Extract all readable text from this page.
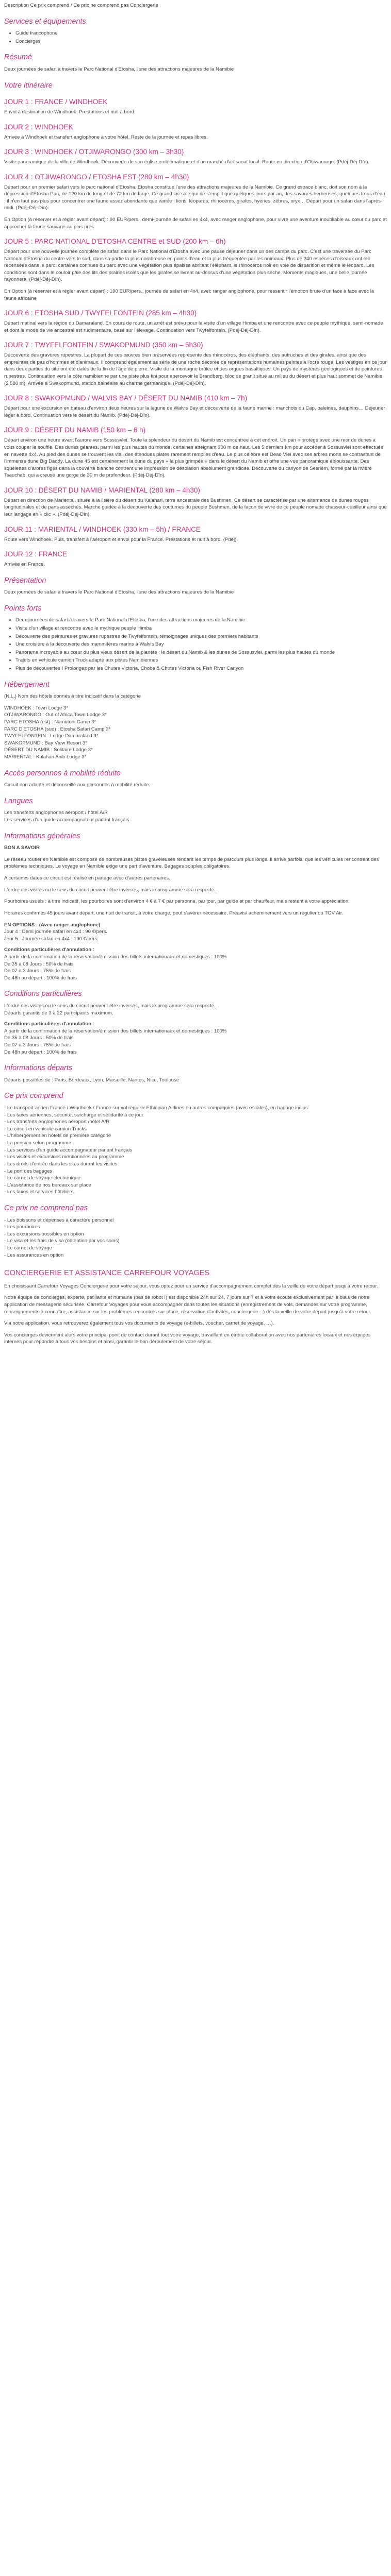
Description Ce prix comprend / Ce prix ne comprend pas Conciergerie

Services et équipements
• Guide francophone
• Concierges
Résumé

Deux journées de safari à travers le Parc National d'Etosha, l'une des attractions majeures de la Namibie

Votre itinéraire
JOUR 1 : FRANCE / WINDHOEK

Envol à destination de Windhoek. Prestations et nuit à bord.

JOUR 2 : WINDHOEK

Arrivée à Windhoek et transfert anglophone à votre hôtel. Reste de la journée et repas libres.

JOUR 3 : WINDHOEK / OTJIWARONGO (300 km – 3h30)

Visite panoramique de la ville de Windhoek. Découverte de son église emblématique et d'un marché d'artisanat local. Route en direction d'Otjiwarongo. (Pdéj-Déj-Dîn).

JOUR 4 : OTJIWARONGO / ETOSHA EST (280 km – 4h30)

Départ pour un premier safari vers le parc national d'Etosha. Etosha constitue l'une des attractions majeures de la Namibie. Ce grand espace blanc, doit son nom à la dépression d'Etosha Pan, de 120 km de long et de 72 km de large. Ce grand lac salé qui ne s'emplit que quelques jours par an, des savanes herbeuses, quelques trous d'eau : il n'en faut pas plus pour concentrer une faune assez abondante que variée : lions, léopards, rhinocéros, girafes, hyènes, zèbres, oryx… Départ pour un safari dans l'après-midi. (Pdéj-Déj-Dîn).

En Option (à réserver et à régler avant départ) : 90 EUR/pers., demi-journée de safari en 4x4, avec ranger anglophone, pour vivre une aventure inoubliable au cœur du parc et approcher la faune sauvage au plus près.

JOUR 5 : PARC NATIONAL D'ETOSHA CENTRE et SUD (200 km – 6h)

Départ pour une nouvelle journée complète de safari dans le Parc National d'Etosha avec une pause déjeuner dans un des camps du parc. C'est une traversée du Parc National d'Etosha du centre vers le sud, dans sa partie la plus nombreuse en points d'eau et la plus fréquentée par les animaux. Plus de 340 espèces d'oiseaux ont été recensées dans le parc, certaines connues du parc avec une végétation plus épaisse abritant l'éléphant, le rhinocéros noir en voie de disparition et même le léopard. Les conditions sont dans le couloir pâle des lits des prairies isolés que les girafes se livrent au-dessus d'une végétation plus sèche. Moments magiques, une belle journée rayonnera. (Pdéj-Déj-Dîn).

En Option (à réserver et à régler avant départ) : 190 EUR/pers., journée de safari en 4x4, avec ranger anglophone, pour ressentir l'émotion brute d'un face à face avec la faune africaine

JOUR 6 : ETOSHA SUD / TWYFELFONTEIN (285 km – 4h30)

Départ matinal vers la région du Damaraland. En cours de route, un arrêt est prévu pour la visite d'un village Himba et une rencontre avec ce peuple mythique, semi-nomade et dont le mode de vie ancestral est rudimentaire, basé sur l'élevage. Continuation vers Twyfelfontein. (Pdéj-Déj-Dîn).

JOUR 7 : TWYFELFONTEIN / SWAKOPMUND (350 km – 5h30)

Découverte des gravures rupestres. La plupart de ces œuvres bien préservées représente des rhinocéros, des éléphants, des autruches et des girafes, ainsi que des empreintes de pas d'hommes et d'animaux. Il comprend également sa série de une roche décorée de représentations humaines peintes à l'ocre rouge. Les vestiges en ce jour dans deux parties du site ont été datés de la fin de l'âge de pierre. Visite de la montagne brûlée et des orgues basaltiques. Un pays de mystères géologiques et de peintures rupestres. Continuation vers la côte namibienne par une piste plus fini pour apercevoir le Brandberg, bloc de granit situé au milieu du désert et plus haut sommet de Namibie (2 580 m). Arrivée à Swakopmund, station balnéaire au charme germanique. (Pdéj-Déj-Dîn).

JOUR 8 : SWAKOPMUND / WALVIS BAY / DÉSERT DU NAMIB (410 km – 7h)

Départ pour une excursion en bateau d'environ deux heures sur la lagune de Walvis Bay et découverte de la faune marine : manchots du Cap, baleines, dauphins… Déjeuner léger à bord. Continuation vers le désert du Namib. (Pdéj-Déj-Dîn).

JOUR 9 : DÉSERT DU NAMIB (150 km – 6 h)

Départ environ une heure avant l'aurore vers Sossusvlei. Toute la splendeur du désert du Namib est concentrée à cet endroit. Un pan « protégé avec une mer de dunes à vous couper le souffle. Des dunes géantes, parmi les plus hautes du monde, certaines atteignant 300 m de haut. Les 5 derniers km pour accéder à Sossusvlei sont effectués en navette 4x4. Au pied des dunes se trouvent les vlei, des étendues plates rarement remplies d'eau. Le plus célèbre est Dead Vlei avec ses arbres morts se contrastant de l'immense dune Big Daddy. La dune 45 est certainement la dune du pays « la plus grimpée » dans le désert du Namib et offre une vue panoramique éblouissante. Des squelettes d'arbres figés dans la couverte blanche contrent une impression de désolation absolument grandiose. Découverte du canyon de Sesriem, formé par la rivière Tsauchab, qui a creusé une gorge de 30 m de profondeur. (Pdéj-Déj-Dîn).

JOUR 10 : DÉSERT DU NAMIB / MARIENTAL (280 km – 4h30)

Départ en direction de Mariental, située à la lisière du désert du Kalahari, terre ancestrale des Bushmen. Ce désert se caractérise par une alternance de dunes rouges longitudinales et de pans asséchés. Marche guidée à la découverte des coutumes du peuple Bushmen, de la façon de vivre de ce peuple nomade chasseur-cueilleur ainsi que leur langage en « clic ». (Pdéj-Déj-Dîn).

JOUR 11 : MARIENTAL / WINDHOEK (330 km – 5h) / FRANCE

Route vers Windhoek. Puis, transfert à l'aéroport et envol pour la France. Prestations et nuit à bord. (Pdéj).

JOUR 12 : FRANCE

Arrivée en France.

Présentation

Deux journées de safari à travers le Parc National d'Etosha, l'une des attractions majeures de la Namibie

Points forts
• Deux journées de safari à travers le Parc National d'Etosha, l'une des attractions majeures de la Namibie
• Visite d'un village et rencontre avec le mythique peuple Himba
• Découverte des peintures et gravures rupestres de Twyfelfontein, témoignages uniques des premiers habitants
• Une croisière à la découverte des mammifères marins à Walvis Bay
• Panorama incroyable au cœur du plus vieux désert de la planète : le désert du Namib & les dunes de Sossusvlei, parmi les plus hautes du monde
• Trajets en véhicule camion Truck adapté aux pistes Namibiennes
• Plus de découvertes ! Prolongez par les Chutes Victoria, Chobe & Chutes Victoria ou Fish River Canyon
Hébergement

(N.L.) Nom des hôtels donnés à titre indicatif dans la catégorie

WINDHOEK : Town Lodge 3*

OTJIWARONGO : Out of Africa Town Lodge 3*

PARC ETOSHA (est) : Namutoni Camp 3*

PARC D'ETOSHA (sud) : Etosha Safari Camp 3*

TWYFELFONTEIN : Lodge Damaraland 3*

SWAKOPMUND : Bay View Resort 3*

DÉSERT DU NAMIB : Solitaire Lodge 3*

MARIENTAL : Kalahari Anib Lodge 3*

Accès personnes à mobilité réduite

Circuit non adapté et déconseillé aux personnes à mobilité réduite.

Langues

Les transferts anglophones aéroport / hôtel A/R

Les services d'un guide accompagnateur parlant français

Informations générales

BON A SAVOIR

Le réseau routier en Namibie est composé de nombreuses pistes graveleuses rendant les temps de parcours plus longs. Il arrive parfois, que les véhicules rencontrent des problèmes techniques. Le voyage en Namibie exige une part d'aventure. Bagages souples obligatoires.

A certaines dates ce circuit est réalisé en partage avec d'autres partenaires.

L'ordre des visites ou le sens du circuit peuvent être inversés, mais le programme sera respecté.

Pourboires usuels : à titre indicatif, les pourboires sont d'environ 4 € à 7 € par personne, par jour, par guide et par chauffeur, mais restent à votre appréciation.

Horaires confirmés 45 jours avant départ, une nuit de transit, à votre charge, peut s'avérer nécessaire. Préavis/ acheminement vers un régulier ou TGV Air.

EN OPTIONS : (Avec ranger anglophone)

Jour 4 : Demi journée safari en 4x4 : 90 €/pers.

Jour 5 : Journée safari en 4x4 : 190 €/pers.

Conditions particulières d'annulation :

A partir de la confirmation de la réservation/émission des billets internationaux et domestiques : 100%

De 35 à 08 Jours : 50% de frais

De 07 à 3 Jours : 75% de frais

De 48h au départ : 100% de frais

Conditions particulières

L'ordre des visites ou le sens du circuit peuvent être inversés, mais le programme sera respecté.

Départs garantis de 3 à 22 participants maximum.

Conditions particulières d'annulation :

A partir de la confirmation de la réservation/émission des billets internationaux et domestiques : 100%

De 35 à 08 Jours : 50% de frais

De 07 à 3 Jours : 75% de frais

De 48h au départ : 100% de frais

Informations départs

Départs possibles de : Paris, Bordeaux, Lyon, Marseille, Nantes, Nice, Toulouse

Ce prix comprend

- Le transport aérien France / Windhoek / France sur vol régulier Ethiopian Airlines ou autres compagnies (avec escales), en bagage inclus

- Les taxes aériennes, sécurité, surcharge et solidarité à ce jour

- Les transferts anglophones aéroport /hôtel A/R

- Le circuit en véhicule camion Trucks

- L'hébergement en hôtels de première catégorie

- La pension selon programme

- Les services d'un guide accompagnateur parlant français

- Les visites et excursions mentionnées au programme

- Les droits d'entrée dans les sites durant les visites

- Le port des bagages

- Le carnet de voyage électronique

- L'assistance de nos bureaux sur place

- Les taxes et services hôteliers.

Ce prix ne comprend pas

- Les boissons et dépenses à caractère personnel

- Les pourboires

- Les excursions possibles en option

- Le visa et les frais de visa (obtention par vos soins)

- Le carnet de voyage

- Les assurances en option

CONCIERGERIE ET ASSISTANCE CARREFOUR VOYAGES

En choisissant Carrefour Voyages Conciergerie pour votre séjour, vous optez pour un service d'accompagnement complet dès la veille de votre départ jusqu'à votre retour.

Notre équipe de concierges, experte, pétillante et humaine (pas de robot !) est disponible 24h sur 24, 7 jours sur 7 et à votre écoute exclusivement par le biais de notre application de messagerie sécurisée. Carrefour Voyages pour vous accompagner dans toutes les situations (enregistrement de vols, demandes sur votre programme, renseignements à connaître, assistance sur les problèmes rencontrés sur place, réservation d'activités, conciergerie…) dès la veille de votre départ jusqu'à votre retour.

Via notre application, vous retrouverez également tous vos documents de voyage (e-billets, voucher, carnet de voyage, …).

Vos concierges deviennent alors votre principal point de contact durant tout votre voyage, travaillant en étroite collaboration avec nos partenaires locaux et nos équipes internes pour répondre à tous vos besoins et ainsi, garantir le bon déroulement de votre séjour.
